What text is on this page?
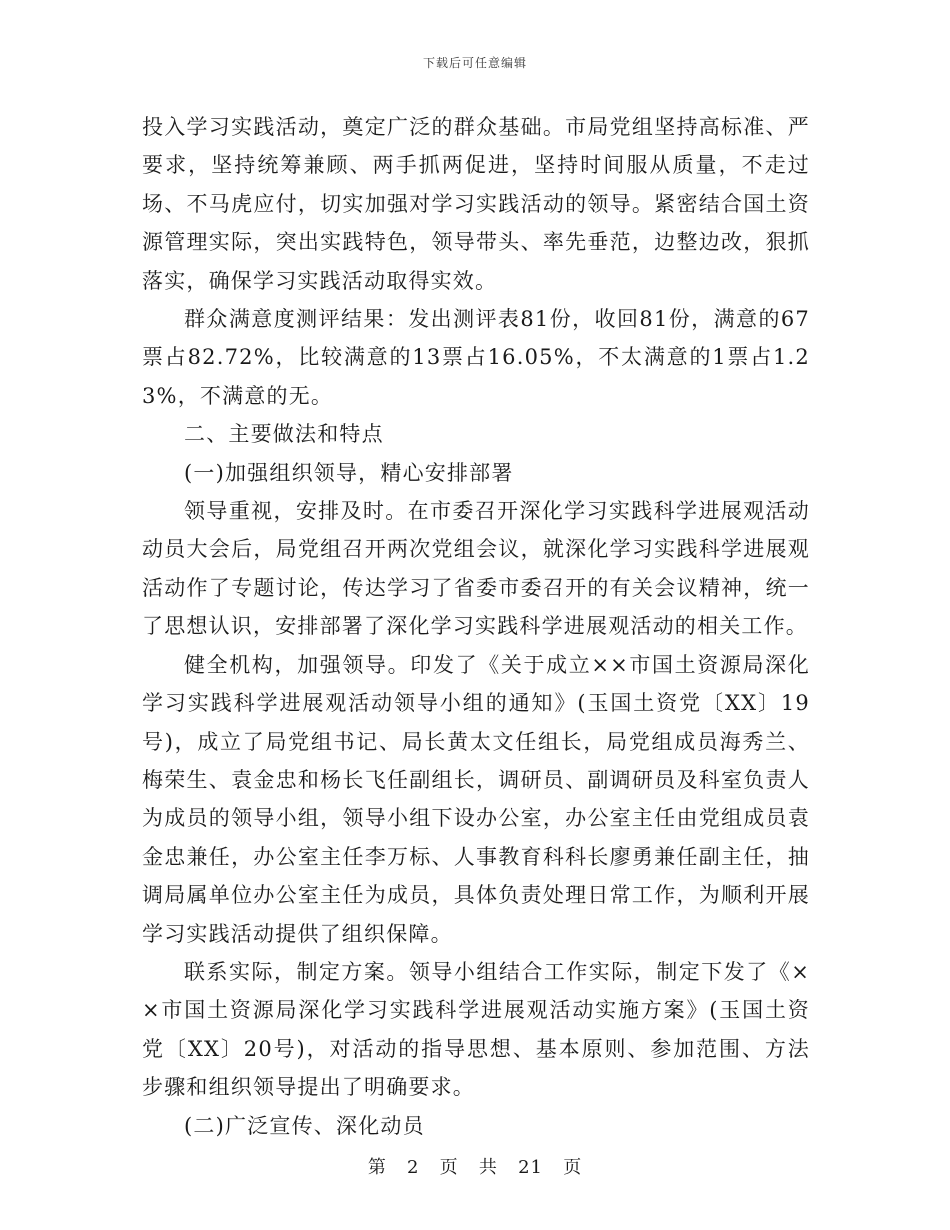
下载后可任意编辑

投入学习实践活动，奠定广泛的群众基础。市局党组坚持高标准、严要求，坚持统筹兼顾、两手抓两促进，坚持时间服从质量，不走过场、不马虎应付，切实加强对学习实践活动的领导。紧密结合国土资源管理实际，突出实践特色，领导带头、率先垂范，边整边改，狠抓落实，确保学习实践活动取得实效。

群众满意度测评结果：发出测评表81份，收回81份，满意的67票占82.72%，比较满意的13票占16.05%，不太满意的1票占1.23%，不满意的无。

二、主要做法和特点

(一)加强组织领导，精心安排部署

领导重视，安排及时。在市委召开深化学习实践科学进展观活动动员大会后，局党组召开两次党组会议，就深化学习实践科学进展观活动作了专题讨论，传达学习了省委市委召开的有关会议精神，统一了思想认识，安排部署了深化学习实践科学进展观活动的相关工作。

健全机构，加强领导。印发了《关于成立××市国土资源局深化学习实践科学进展观活动领导小组的通知》(玉国土资党〔XX〕19号)，成立了局党组书记、局长黄太文任组长，局党组成员海秀兰、梅荣生、袁金忠和杨长飞任副组长，调研员、副调研员及科室负责人为成员的领导小组，领导小组下设办公室，办公室主任由党组成员袁金忠兼任，办公室主任李万标、人事教育科科长廖勇兼任副主任，抽调局属单位办公室主任为成员，具体负责处理日常工作，为顺利开展学习实践活动提供了组织保障。

联系实际，制定方案。领导小组结合工作实际，制定下发了《××市国土资源局深化学习实践科学进展观活动实施方案》(玉国土资党〔XX〕20号)，对活动的指导思想、基本原则、参加范围、方法步骤和组织领导提出了明确要求。

(二)广泛宣传、深化动员

第 2 页 共 21 页
